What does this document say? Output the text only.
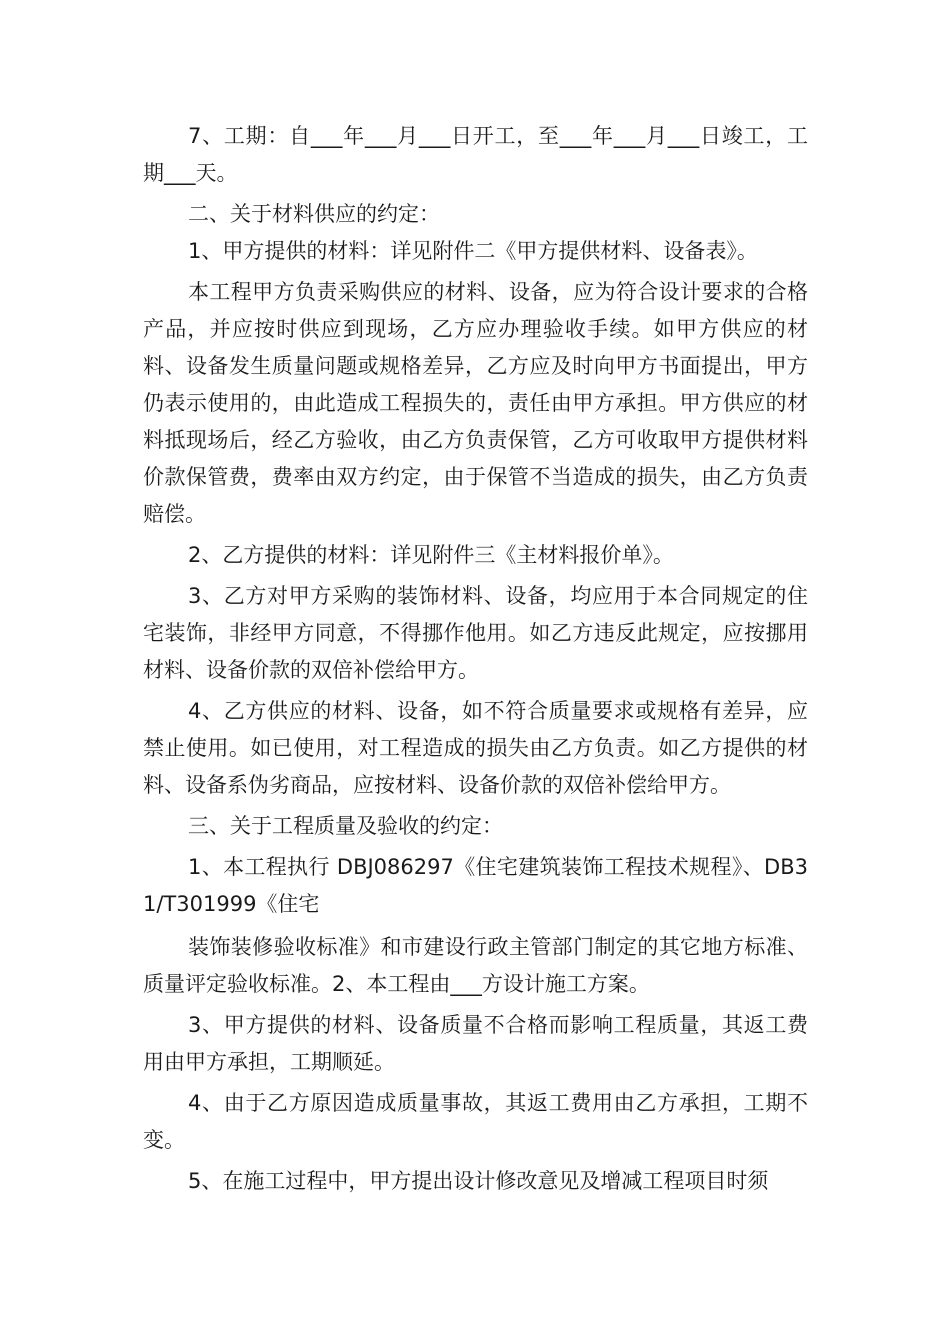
7、工期：自___年___月___日开工，至___年___月___日竣工，工期___天。

二、关于材料供应的约定：

1、甲方提供的材料：详见附件二《甲方提供材料、设备表》。

本工程甲方负责采购供应的材料、设备，应为符合设计要求的合格产品，并应按时供应到现场，乙方应办理验收手续。如甲方供应的材料、设备发生质量问题或规格差异，乙方应及时向甲方书面提出，甲方仍表示使用的，由此造成工程损失的，责任由甲方承担。甲方供应的材料抵现场后，经乙方验收，由乙方负责保管，乙方可收取甲方提供材料价款保管费，费率由双方约定，由于保管不当造成的损失，由乙方负责赔偿。

2、乙方提供的材料：详见附件三《主材料报价单》。

3、乙方对甲方采购的装饰材料、设备，均应用于本合同规定的住宅装饰，非经甲方同意，不得挪作他用。如乙方违反此规定，应按挪用材料、设备价款的双倍补偿给甲方。

4、乙方供应的材料、设备，如不符合质量要求或规格有差异，应禁止使用。如已使用，对工程造成的损失由乙方负责。如乙方提供的材料、设备系伪劣商品，应按材料、设备价款的双倍补偿给甲方。

三、关于工程质量及验收的约定：

1、本工程执行 DBJ086297《住宅建筑装饰工程技术规程》、DB31/T301999《住宅

装饰装修验收标准》和市建设行政主管部门制定的其它地方标准、质量评定验收标准。2、本工程由___方设计施工方案。

3、甲方提供的材料、设备质量不合格而影响工程质量，其返工费用由甲方承担，工期顺延。

4、由于乙方原因造成质量事故，其返工费用由乙方承担，工期不变。

5、在施工过程中，甲方提出设计修改意见及增减工程项目时须
